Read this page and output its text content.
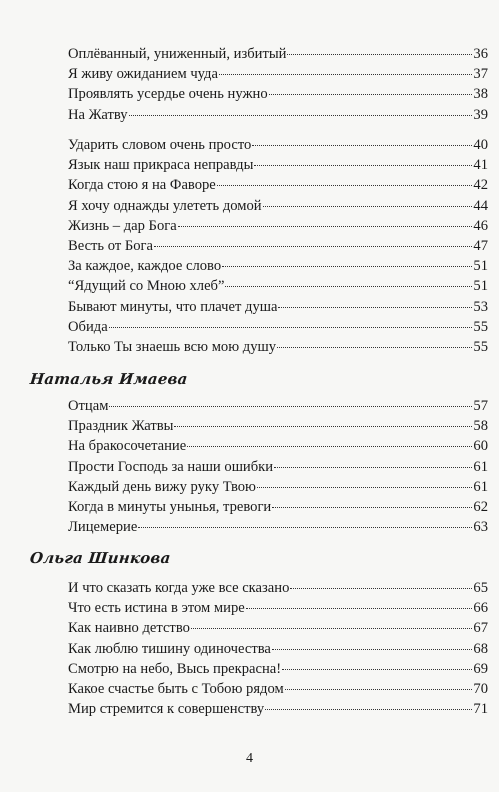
Оплёванный, униженный, избитый	36
Я живу ожиданием чуда	37
Проявлять усердье очень нужно	38
На Жатву	39
Ударить словом очень просто	40
Язык наш прикраса неправды	41
Когда стою я на Фаворе	42
Я хочу однажды улететь домой	44
Жизнь – дар Бога	46
Весть от Бога	47
За каждое, каждое слово	51
“Ядущий со Мною хлеб”	51
Бывают минуты, что плачет душа	53
Обида	55
Только Ты знаешь всю мою душу	55
Наталья Имаева
Отцам	57
Праздник Жатвы	58
На бракосочетание	60
Прости Господь за наши ошибки	61
Каждый день вижу руку Твою	61
Когда в минуты унынья, тревоги	62
Лицемерие	63
Ольга Шинкова
И что сказать когда уже все сказано	65
Что есть истина в этом мире	66
Как наивно детство	67
Как люблю тишину одиночества	68
Смотрю на небо, Высь прекрасна!	69
Какое счастье быть с Тобою рядом	70
Мир стремится к совершенству	71
4
